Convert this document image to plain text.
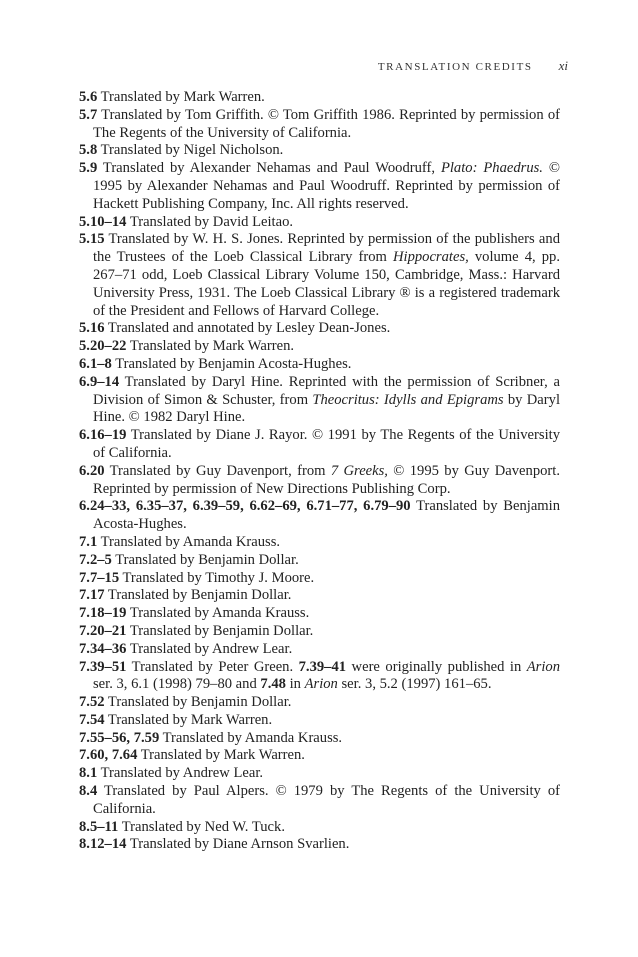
TRANSLATION CREDITS xi
5.6 Translated by Mark Warren.
5.7 Translated by Tom Griffith. © Tom Griffith 1986. Reprinted by permission of The Regents of the University of California.
5.8 Translated by Nigel Nicholson.
5.9 Translated by Alexander Nehamas and Paul Woodruff, Plato: Phaedrus. © 1995 by Alexander Nehamas and Paul Woodruff. Reprinted by permission of Hackett Publishing Company, Inc. All rights reserved.
5.10–14 Translated by David Leitao.
5.15 Translated by W. H. S. Jones. Reprinted by permission of the publishers and the Trustees of the Loeb Classical Library from Hippocrates, volume 4, pp. 267–71 odd, Loeb Classical Library Volume 150, Cambridge, Mass.: Harvard University Press, 1931. The Loeb Classical Library ® is a registered trademark of the President and Fellows of Harvard College.
5.16 Translated and annotated by Lesley Dean-Jones.
5.20–22 Translated by Mark Warren.
6.1–8 Translated by Benjamin Acosta-Hughes.
6.9–14 Translated by Daryl Hine. Reprinted with the permission of Scribner, a Division of Simon & Schuster, from Theocritus: Idylls and Epigrams by Daryl Hine. © 1982 Daryl Hine.
6.16–19 Translated by Diane J. Rayor. © 1991 by The Regents of the University of California.
6.20 Translated by Guy Davenport, from 7 Greeks, © 1995 by Guy Davenport. Reprinted by permission of New Directions Publishing Corp.
6.24–33, 6.35–37, 6.39–59, 6.62–69, 6.71–77, 6.79–90 Translated by Benjamin Acosta-Hughes.
7.1 Translated by Amanda Krauss.
7.2–5 Translated by Benjamin Dollar.
7.7–15 Translated by Timothy J. Moore.
7.17 Translated by Benjamin Dollar.
7.18–19 Translated by Amanda Krauss.
7.20–21 Translated by Benjamin Dollar.
7.34–36 Translated by Andrew Lear.
7.39–51 Translated by Peter Green. 7.39–41 were originally published in Arion ser. 3, 6.1 (1998) 79–80 and 7.48 in Arion ser. 3, 5.2 (1997) 161–65.
7.52 Translated by Benjamin Dollar.
7.54 Translated by Mark Warren.
7.55–56, 7.59 Translated by Amanda Krauss.
7.60, 7.64 Translated by Mark Warren.
8.1 Translated by Andrew Lear.
8.4 Translated by Paul Alpers. © 1979 by The Regents of the University of California.
8.5–11 Translated by Ned W. Tuck.
8.12–14 Translated by Diane Arnson Svarlien.
